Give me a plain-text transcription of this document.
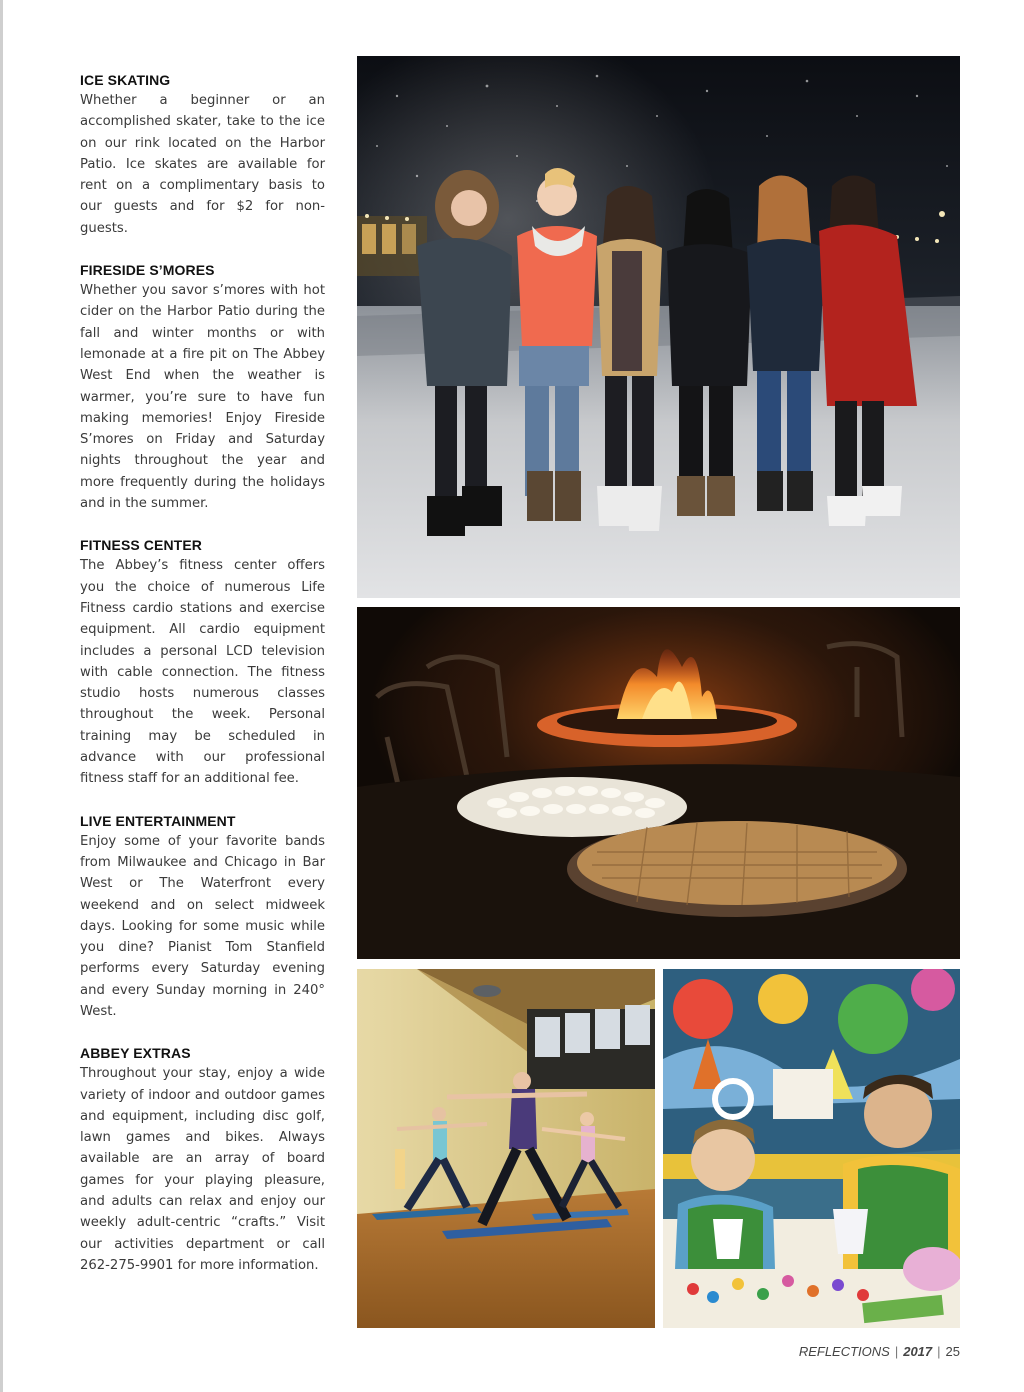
ICE SKATING

Whether a beginner or an accomplished skater, take to the ice on our rink located on the Harbor Patio. Ice skates are available for rent on a complimentary basis to our guests and for $2 for non-guests.

FIRESIDE S’MORES

Whether you savor s’mores with hot cider on the Harbor Patio during the fall and winter months or with lemonade at a fire pit on The Abbey West End when the weather is warmer, you’re sure to have fun making memories! Enjoy Fireside S’mores on Friday and Saturday nights throughout the year and more frequently during the holidays and in the summer.

FITNESS CENTER

The Abbey’s fitness center offers you the choice of numerous Life Fitness cardio stations and exercise equipment. All cardio equipment includes a personal LCD television with cable connection. The fitness studio hosts numerous classes throughout the week. Personal training may be scheduled in advance with our professional fitness staff for an additional fee.

LIVE ENTERTAINMENT

Enjoy some of your favorite bands from Milwaukee and Chicago in Bar West or The Waterfront every weekend and on select midweek days. Looking for some music while you dine? Pianist Tom Stanfield performs every Saturday evening and every Sunday morning in 240° West.

ABBEY EXTRAS

Throughout your stay, enjoy a wide variety of indoor and outdoor games and equipment, including disc golf, lawn games and bikes. Always available are an array of board games for your playing pleasure, and adults can relax and enjoy our weekly adult-centric “crafts.” Visit our activities department or call 262-275-9901 for more information.

REFLECTIONS | 2017 | 25
